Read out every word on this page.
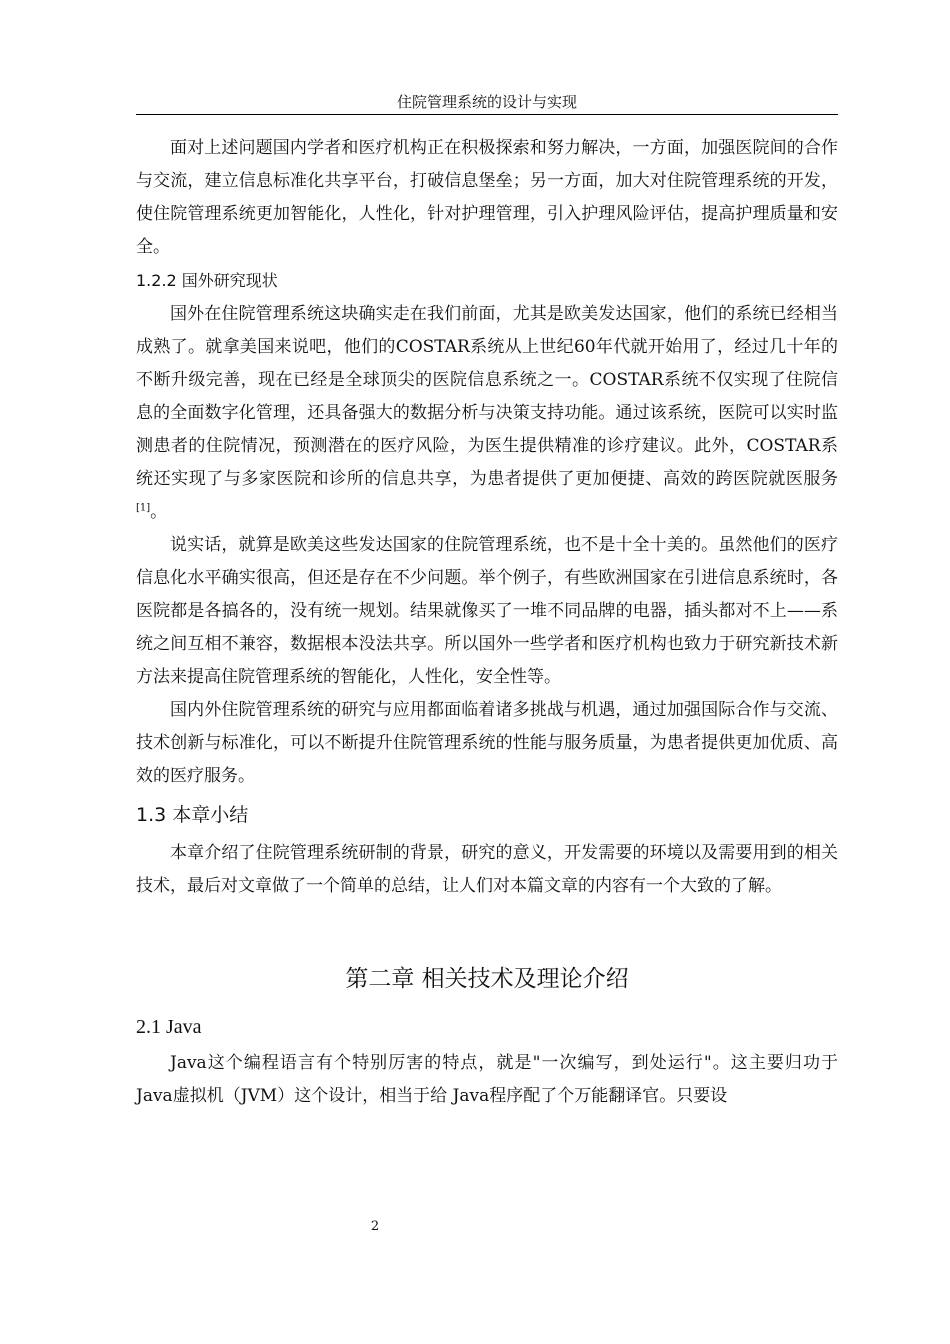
住院管理系统的设计与实现

面对上述问题国内学者和医疗机构正在积极探索和努力解决，一方面，加强医院间的合作与交流，建立信息标准化共享平台，打破信息堡垒；另一方面，加大对住院管理系统的开发，使住院管理系统更加智能化，人性化，针对护理管理，引入护理风险评估，提高护理质量和安全。

1.2.2 国外研究现状

国外在住院管理系统这块确实走在我们前面，尤其是欧美发达国家，他们的系统已经相当成熟了。就拿美国来说吧，他们的COSTAR系统从上世纪60年代就开始用了，经过几十年的不断升级完善，现在已经是全球顶尖的医院信息系统之一。COSTAR系统不仅实现了住院信息的全面数字化管理，还具备强大的数据分析与决策支持功能。通过该系统，医院可以实时监测患者的住院情况，预测潜在的医疗风险，为医生提供精准的诊疗建议。此外，COSTAR系统还实现了与多家医院和诊所的信息共享，为患者提供了更加便捷、高效的跨医院就医服务[1]。

说实话，就算是欧美这些发达国家的住院管理系统，也不是十全十美的。虽然他们的医疗信息化水平确实很高，但还是存在不少问题。举个例子，有些欧洲国家在引进信息系统时，各医院都是各搞各的，没有统一规划。结果就像买了一堆不同品牌的电器，插头都对不上——系统之间互相不兼容，数据根本没法共享。所以国外一些学者和医疗机构也致力于研究新技术新方法来提高住院管理系统的智能化，人性化，安全性等。

国内外住院管理系统的研究与应用都面临着诸多挑战与机遇，通过加强国际合作与交流、技术创新与标准化，可以不断提升住院管理系统的性能与服务质量，为患者提供更加优质、高效的医疗服务。

1.3 本章小结

本章介绍了住院管理系统研制的背景，研究的意义，开发需要的环境以及需要用到的相关技术，最后对文章做了一个简单的总结，让人们对本篇文章的内容有一个大致的了解。

第二章 相关技术及理论介绍
2.1 Java

Java这个编程语言有个特别厉害的特点，就是"一次编写，到处运行"。这主要归功于 Java虚拟机（JVM）这个设计，相当于给 Java程序配了个万能翻译官。只要设

2
